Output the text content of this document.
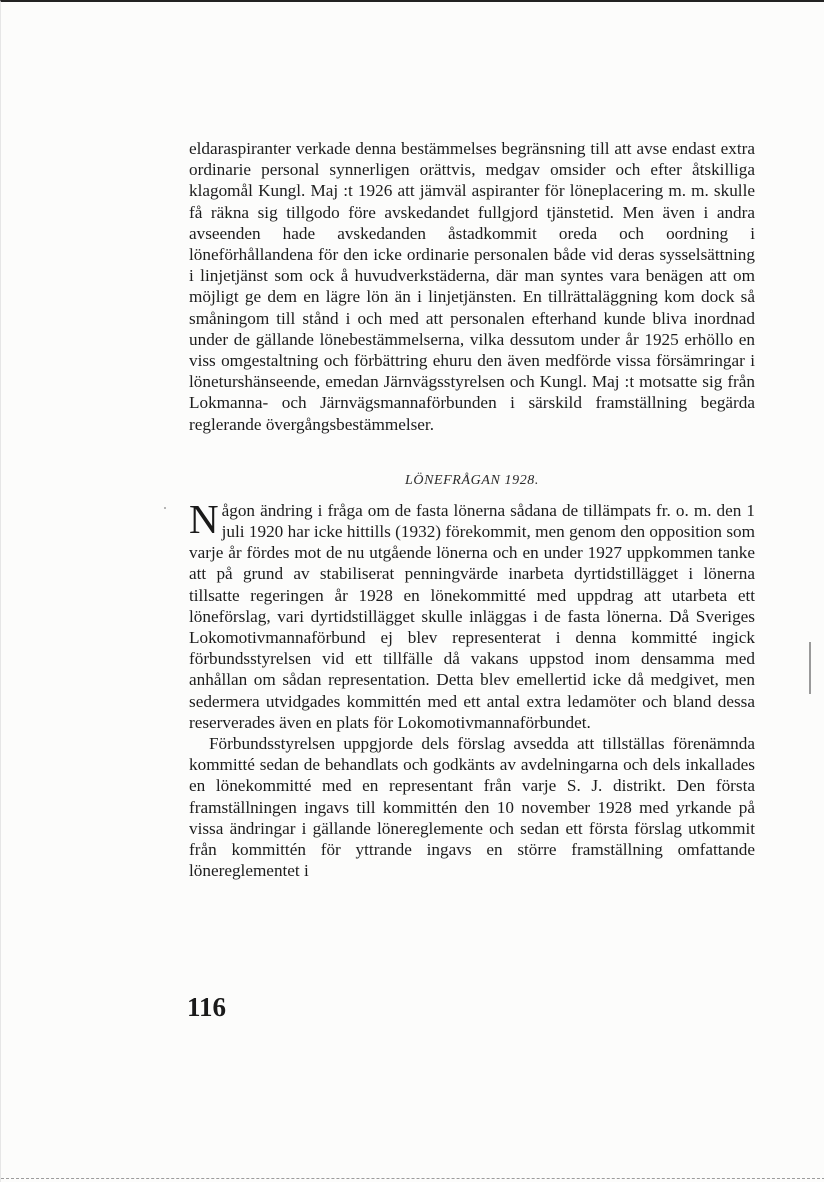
eldaraspiranter verkade denna bestämmelses begränsning till att avse endast extra ordinarie personal synnerligen orättvis, medgav omsider och efter åtskilliga klagomål Kungl. Maj :t 1926 att jämväl aspiranter för löneplacering m. m. skulle få räkna sig tillgodo före avskedandet fullgjord tjänstetid. Men även i andra avseenden hade avskedanden åstadkommit oreda och oordning i löneförhållandena för den icke ordinarie personalen både vid deras sysselsättning i linjetjänst som ock å huvudverkstäderna, där man syntes vara benägen att om möjligt ge dem en lägre lön än i linjetjänsten. En tillrättaläggning kom dock så småningom till stånd i och med att personalen efterhand kunde bliva inordnad under de gällande lönebestämmelserna, vilka dessutom under år 1925 erhöllo en viss omgestaltning och förbättring ehuru den även medförde vissa försämringar i löneturshänseende, emedan Järnvägsstyrelsen och Kungl. Maj :t motsatte sig från Lokmanna- och Järnvägsmannaförbunden i särskild framställning begärda reglerande övergångsbestämmelser.

LÖNEFRÅGAN 1928.

Någon ändring i fråga om de fasta lönerna sådana de tillämpats fr. o. m. den 1 juli 1920 har icke hittills (1932) förekommit, men genom den opposition som varje år fördes mot de nu utgående lönerna och en under 1927 uppkommen tanke att på grund av stabiliserat penningvärde inarbeta dyrtidstillägget i lönerna tillsatte regeringen år 1928 en lönekommitté med uppdrag att utarbeta ett löneförslag, vari dyrtidstillägget skulle inläggas i de fasta lönerna. Då Sveriges Lokomotivmannaförbund ej blev representerat i denna kommitté ingick förbundsstyrelsen vid ett tillfälle då vakans uppstod inom densamma med anhållan om sådan representation. Detta blev emellertid icke då medgivet, men sedermera utvidgades kommittén med ett antal extra ledamöter och bland dessa reserverades även en plats för Lokomotivmannaförbundet.

Förbundsstyrelsen uppgjorde dels förslag avsedda att tillställas förenämnda kommitté sedan de behandlats och godkänts av avdelningarna och dels inkallades en lönekommitté med en representant från varje S. J. distrikt. Den första framställningen ingavs till kommittén den 10 november 1928 med yrkande på vissa ändringar i gällande lönereglemente och sedan ett första förslag utkommit från kommittén för yttrande ingavs en större framställning omfattande lönereglementet i

116
